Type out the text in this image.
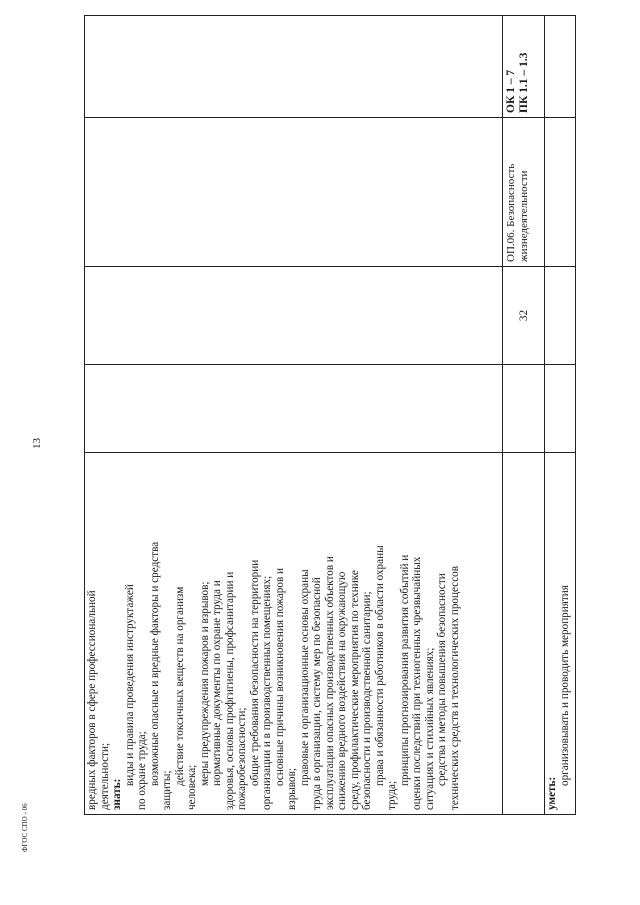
13
ФГОС СПО - 06
вредных факторов в сфере профессиональной деятельности; знать:
виды и правила проведения инструктажей по охране труда; возможные опасные и вредные факторы и средства
защиты;
действие токсичных веществ на организм
человека;
меры предупреждения пожаров и взрывов; нормативные документы по охране труда и здоровья, основы профгигиены, профсанитарии и пожаробезопасности; общие требования безопасности на территории организации и в производственных помещениях; основные причины возникновения пожаров и
взрывов;
правовые и организационные основы охраны труда в организации, систему мер по безопасной эксплуатации опасных производственных объектов и снижению вредного воздействия на окружающую среду, профилактические мероприятия по технике безопасности и производственной санитарии; права и обязанности работников в области охраны
труда;
принципы прогнозирования развития событий и оценки последствий при техногенных чрезвычайных ситуациях и стихийных явлениях; средства и методы повышения безопасности технических средств и технологических процессов
32
ОП.06. Безопасность жизнедеятельности
ОК 1 – 7 ПК 1.1 – 1.3
уметь:
организовывать и проводить мероприятия
